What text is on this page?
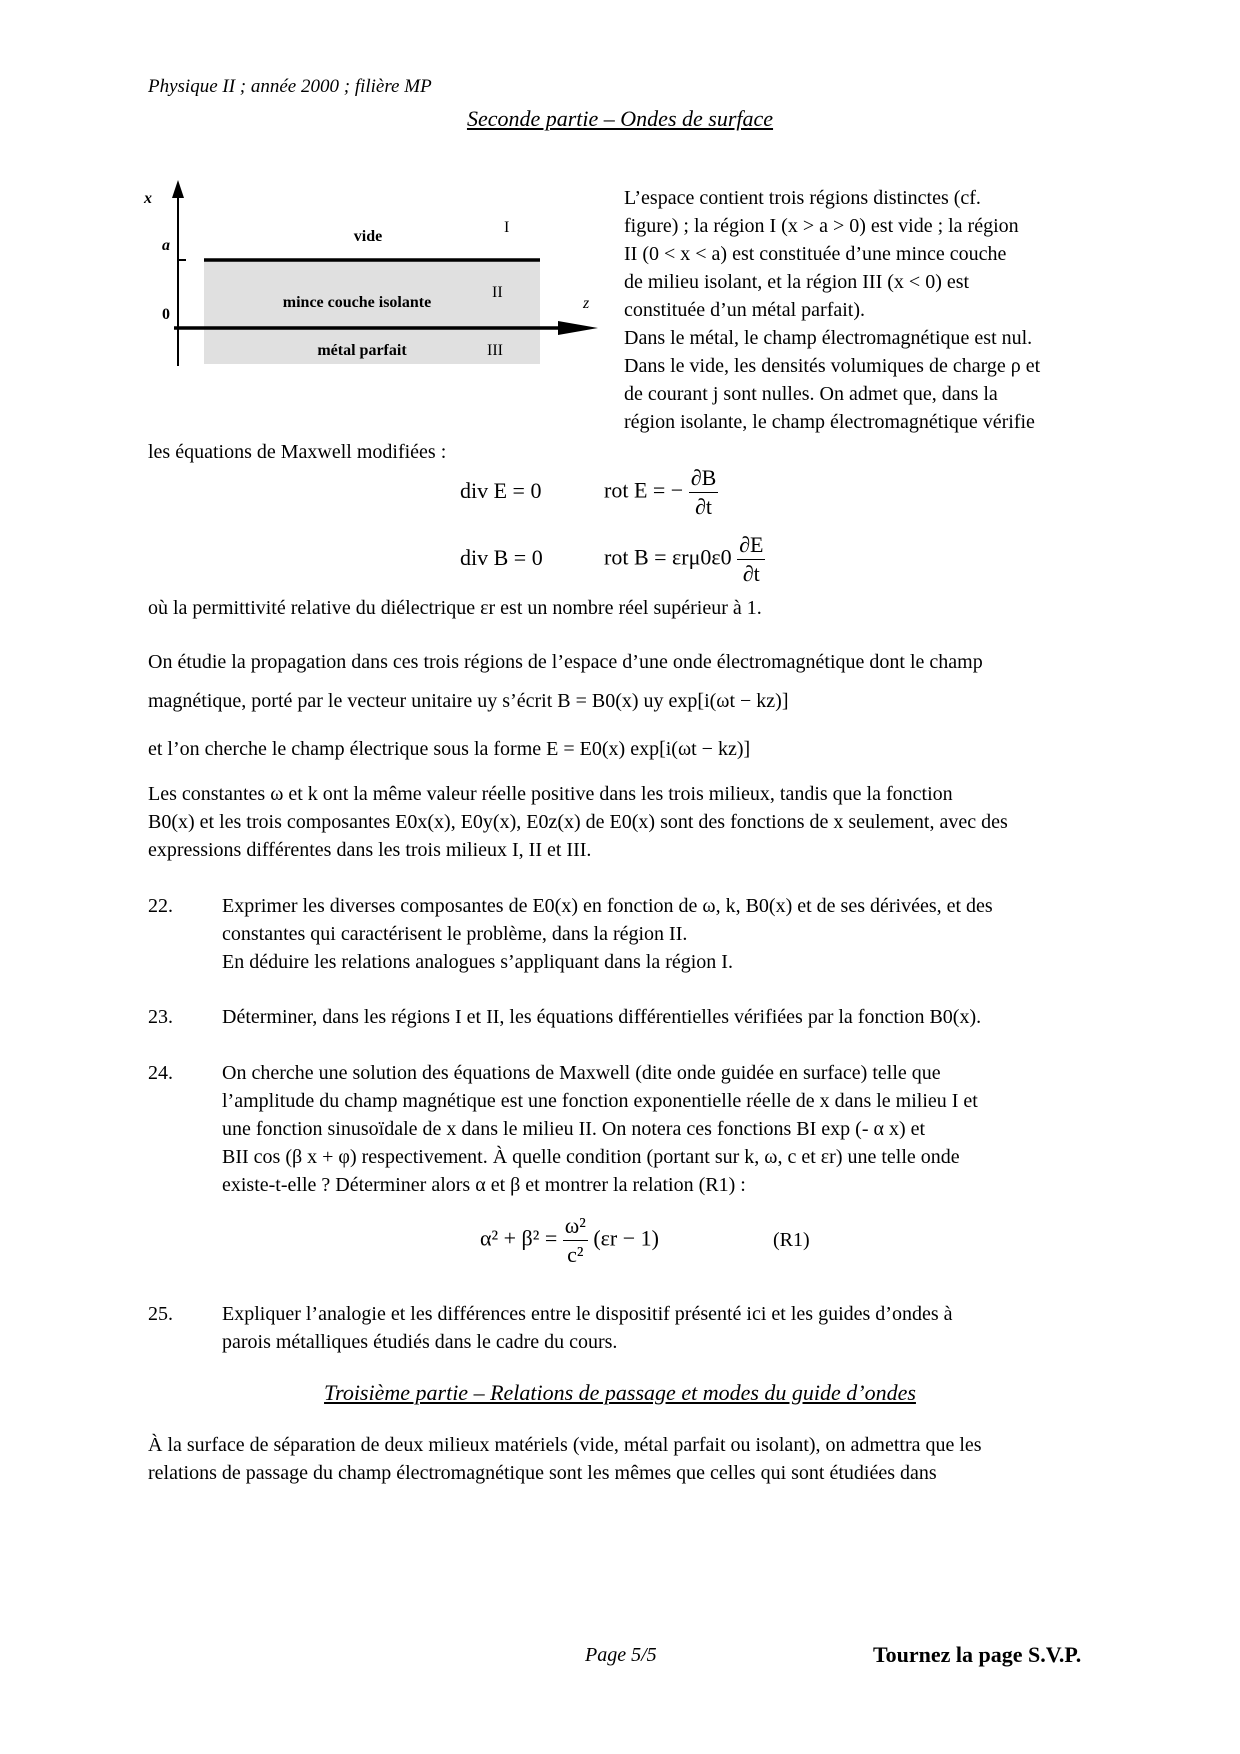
Physique II ; année 2000 ; filière MP
Seconde partie – Ondes de surface
x
a
0
z
vide
mince couche isolante
métal parfait
I
II
III
L’espace contient trois régions distinctes (cf.
figure) ; la région I (x > a > 0) est vide ; la région
II (0 < x < a) est constituée d’une mince couche
de milieu isolant, et la région III (x < 0) est
constituée d’un métal parfait).
Dans le métal, le champ électromagnétique est nul.
Dans le vide, les densités volumiques de charge ρ et
de courant j sont nulles. On admet que, dans la
région isolante, le champ électromagnétique vérifie
les équations de Maxwell modifiées :
div E = 0	rot E = − $\frac{\partial B}{\partial t}$
div B = 0	rot $B = \varepsilon r\mu 0\varepsilon 0 \frac{\partial E}{\partial t}$
où la permittivité relative du diélectrique εr est un nombre réel supérieur à 1.
On étudie la propagation dans ces trois régions de l’espace d’une onde électromagnétique dont le champ
magnétique, porté par le vecteur unitaire uy s’écrit B = B0(x) uy exp[i(ωt − kz)]
et l’on cherche le champ électrique sous la forme E = E0(x) exp[i(ωt − kz)]
Les constantes ω et k ont la même valeur réelle positive dans les trois milieux, tandis que la fonction
B0(x) et les trois composantes E0x(x), E0y(x), E0z(x) de E0(x) sont des fonctions de x seulement, avec des
expressions différentes dans les trois milieux I, II et III.
22. Exprimer les diverses composantes de E0(x) en fonction de ω, k, B0(x) et de ses dérivées, et des
constantes qui caractérisent le problème, dans la région II.
En déduire les relations analogues s’appliquant dans la région I.
23. Déterminer, dans les régions I et II, les équations différentielles vérifiées par la fonction B0(x).
24. On cherche une solution des équations de Maxwell (dite onde guidée en surface) telle que
l’amplitude du champ magnétique est une fonction exponentielle réelle de x dans le milieu I et
une fonction sinusoïdale de x dans le milieu II. On notera ces fonctions BI exp (- α x) et
BII cos (β x + φ) respectivement. À quelle condition (portant sur k, ω, c et εr) une telle onde
existe-t-elle ? Déterminer alors α et β et montrer la relation (R1) :
$\alpha^2 + \beta^2 = \frac{\text{ω²}}{\text{c²}} (\varepsilon r - 1)$	(R1)
25. Expliquer l’analogie et les différences entre le dispositif présenté ici et les guides d’ondes à
parois métalliques étudiés dans le cadre du cours.
Troisième partie – Relations de passage et modes du guide d’ondes
À la surface de séparation de deux milieux matériels (vide, métal parfait ou isolant), on admettra que les
relations de passage du champ électromagnétique sont les mêmes que celles qui sont étudiées dans
Page 5/5	Tournez la page S.V.P.
